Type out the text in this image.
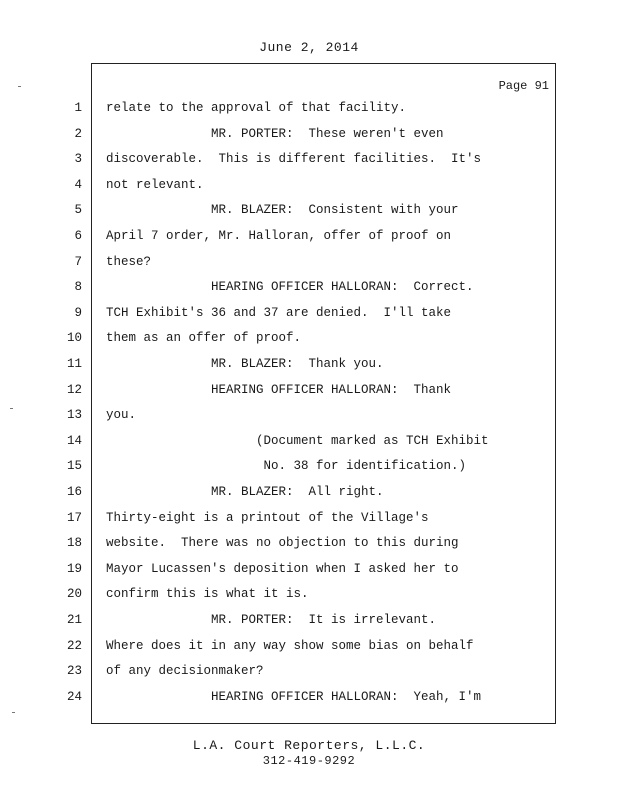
June 2, 2014
Page 91
1 relate to the approval of that facility.
2 MR. PORTER:  These weren't even
3 discoverable.  This is different facilities.  It's
4 not relevant.
5 MR. BLAZER:  Consistent with your
6 April 7 order, Mr. Halloran, offer of proof on
7 these?
8 HEARING OFFICER HALLORAN:  Correct.
9 TCH Exhibit's 36 and 37 are denied.  I'll take
10 them as an offer of proof.
11 MR. BLAZER:  Thank you.
12 HEARING OFFICER HALLORAN:  Thank
13 you.
14 (Document marked as TCH Exhibit
15 No. 38 for identification.)
16 MR. BLAZER:  All right.
17 Thirty-eight is a printout of the Village's
18 website.  There was no objection to this during
19 Mayor Lucassen's deposition when I asked her to
20 confirm this is what it is.
21 MR. PORTER:  It is irrelevant.
22 Where does it in any way show some bias on behalf
23 of any decisionmaker?
24 HEARING OFFICER HALLORAN:  Yeah, I'm
L.A. Court Reporters, L.L.C.
312-419-9292
